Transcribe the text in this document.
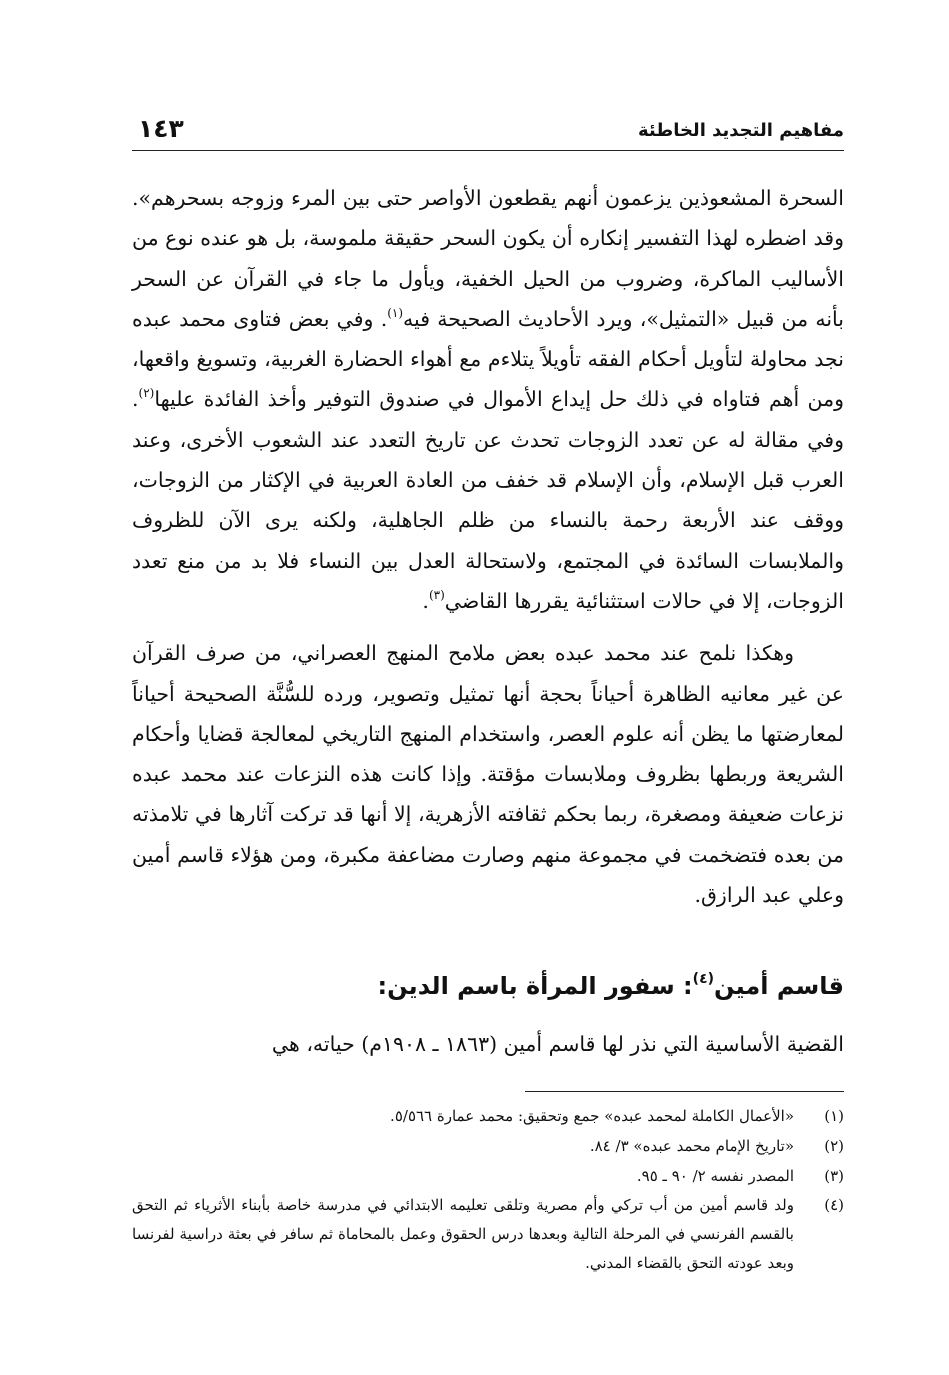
مفاهيم التجديد الخاطئة
١٤٣

السحرة المشعوذين يزعمون أنهم يقطعون الأواصر حتى بين المرء وزوجه بسحرهم». وقد اضطره لهذا التفسير إنكاره أن يكون السحر حقيقة ملموسة، بل هو عنده نوع من الأساليب الماكرة، وضروب من الحيل الخفية، ويأول ما جاء في القرآن عن السحر بأنه من قبيل «التمثيل»، ويرد الأحاديث الصحيحة فيه$^{(١)}$. وفي بعض فتاوى محمد عبده نجد محاولة لتأويل أحكام الفقه تأويلاً يتلاءم مع أهواء الحضارة الغربية، وتسويغ واقعها، ومن أهم فتاواه في ذلك حل إيداع الأموال في صندوق التوفير وأخذ الفائدة عليها$^{(٢)}$. وفي مقالة له عن تعدد الزوجات تحدث عن تاريخ التعدد عند الشعوب الأخرى، وعند العرب قبل الإسلام، وأن الإسلام قد خفف من العادة العربية في الإكثار من الزوجات، ووقف عند الأربعة رحمة بالنساء من ظلم الجاهلية، ولكنه يرى الآن للظروف والملابسات السائدة في المجتمع، ولاستحالة العدل بين النساء فلا بد من منع تعدد الزوجات، إلا في حالات استثنائية يقررها القاضي$^{(٣)}$.

وهكذا نلمح عند محمد عبده بعض ملامح المنهج العصراني، من صرف القرآن عن غير معانيه الظاهرة أحياناً بحجة أنها تمثيل وتصوير، ورده للسُّنَّة الصحيحة أحياناً لمعارضتها ما يظن أنه علوم العصر، واستخدام المنهج التاريخي لمعالجة قضايا وأحكام الشريعة وربطها بظروف وملابسات مؤقتة. وإذا كانت هذه النزعات عند محمد عبده نزعات ضعيفة ومصغرة، ربما بحكم ثقافته الأزهرية، إلا أنها قد تركت آثارها في تلامذته من بعده فتضخمت في مجموعة منهم وصارت مضاعفة مكبرة، ومن هؤلاء قاسم أمين وعلي عبد الرازق.

قاسم أمين$^{(٤)}$: سفور المرأة باسم الدين:
القضية الأساسية التي نذر لها قاسم أمين (١٨٦٣ ـ ١٩٠٨م) حياته، هي
(١)
«الأعمال الكاملة لمحمد عبده» جمع وتحقيق: محمد عمارة ٥/٥٦٦.
(٢)
«تاريخ الإمام محمد عبده» ٣/ ٨٤.
(٣)
المصدر نفسه ٢/ ٩٠ ـ ٩٥.
(٤)
ولد قاسم أمين من أب تركي وأم مصرية وتلقى تعليمه الابتدائي في مدرسة خاصة بأبناء الأثرياء ثم التحق بالقسم الفرنسي في المرحلة التالية وبعدها درس الحقوق وعمل بالمحاماة ثم سافر في بعثة دراسية لفرنسا وبعد عودته التحق بالقضاء المدني.
